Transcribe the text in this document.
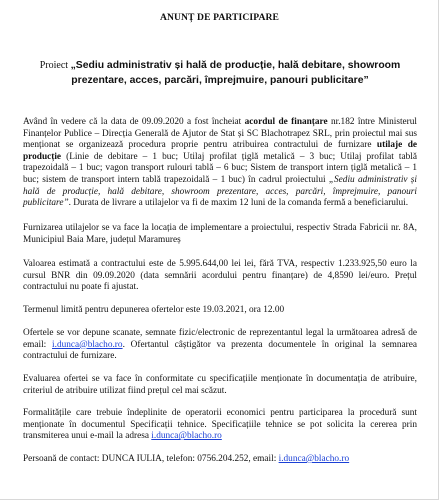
ANUNȚ DE PARTICIPARE
Proiect „Sediu administrativ și hală de producție, hală debitare, showroom prezentare, acces, parcări, împrejmuire, panouri publicitare”
Având în vedere că la data de 09.09.2020 a fost încheiat acordul de finanțare nr.182 între Ministerul Finanțelor Publice – Direcția Generală de Ajutor de Stat și SC Blachotrapez SRL, prin proiectul mai sus menționat se organizează procedura proprie pentru atribuirea contractului de furnizare utilaje de producție (Linie de debitare – 1 buc; Utilaj profilat țiglă metalică – 3 buc; Utilaj profilat tablă trapezoidală – 1 buc; vagon transport rulouri tablă – 6 buc; Sistem de transport intern țiglă metalică – 1 buc; sistem de transport intern tablă trapezoidală – 1 buc) în cadrul proiectului „Sediu administrativ și hală de producție, hală debitare, showroom prezentare, acces, parcări, împrejmuire, panouri publicitare”. Durata de livrare a utilajelor va fi de maxim 12 luni de la comanda fermă a beneficiarului.
Furnizarea utilajelor se va face la locația de implementare a proiectului, respectiv Strada Fabricii nr. 8A, Municipiul Baia Mare, județul Maramureș
Valoarea estimată a contractului este de 5.995.644,00 lei lei, fără TVA, respectiv 1.233.925,50 euro la cursul BNR din 09.09.2020 (data semnării acordului pentru finanțare) de 4,8590 lei/euro. Prețul contractului nu poate fi ajustat.
Termenul limită pentru depunerea ofertelor este 19.03.2021, ora 12.00
Ofertele se vor depune scanate, semnate fizic/electronic de reprezentantul legal la următoarea adresă de email: i.dunca@blacho.ro. Ofertantul câștigător va prezenta documentele în original la semnarea contractului de furnizare.
Evaluarea ofertei se va face în conformitate cu specificațiile menționate în documentația de atribuire, criteriul de atribuire utilizat fiind prețul cel mai scăzut.
Formalitățile care trebuie îndeplinite de operatorii economici pentru participarea la procedură sunt menționate în documentul Specificații tehnice. Specificațiile tehnice se pot solicita la cererea prin transmiterea unui e-mail la adresa i.dunca@blacho.ro
Persoană de contact: DUNCA IULIA, telefon: 0756.204.252, email: i.dunca@blacho.ro
